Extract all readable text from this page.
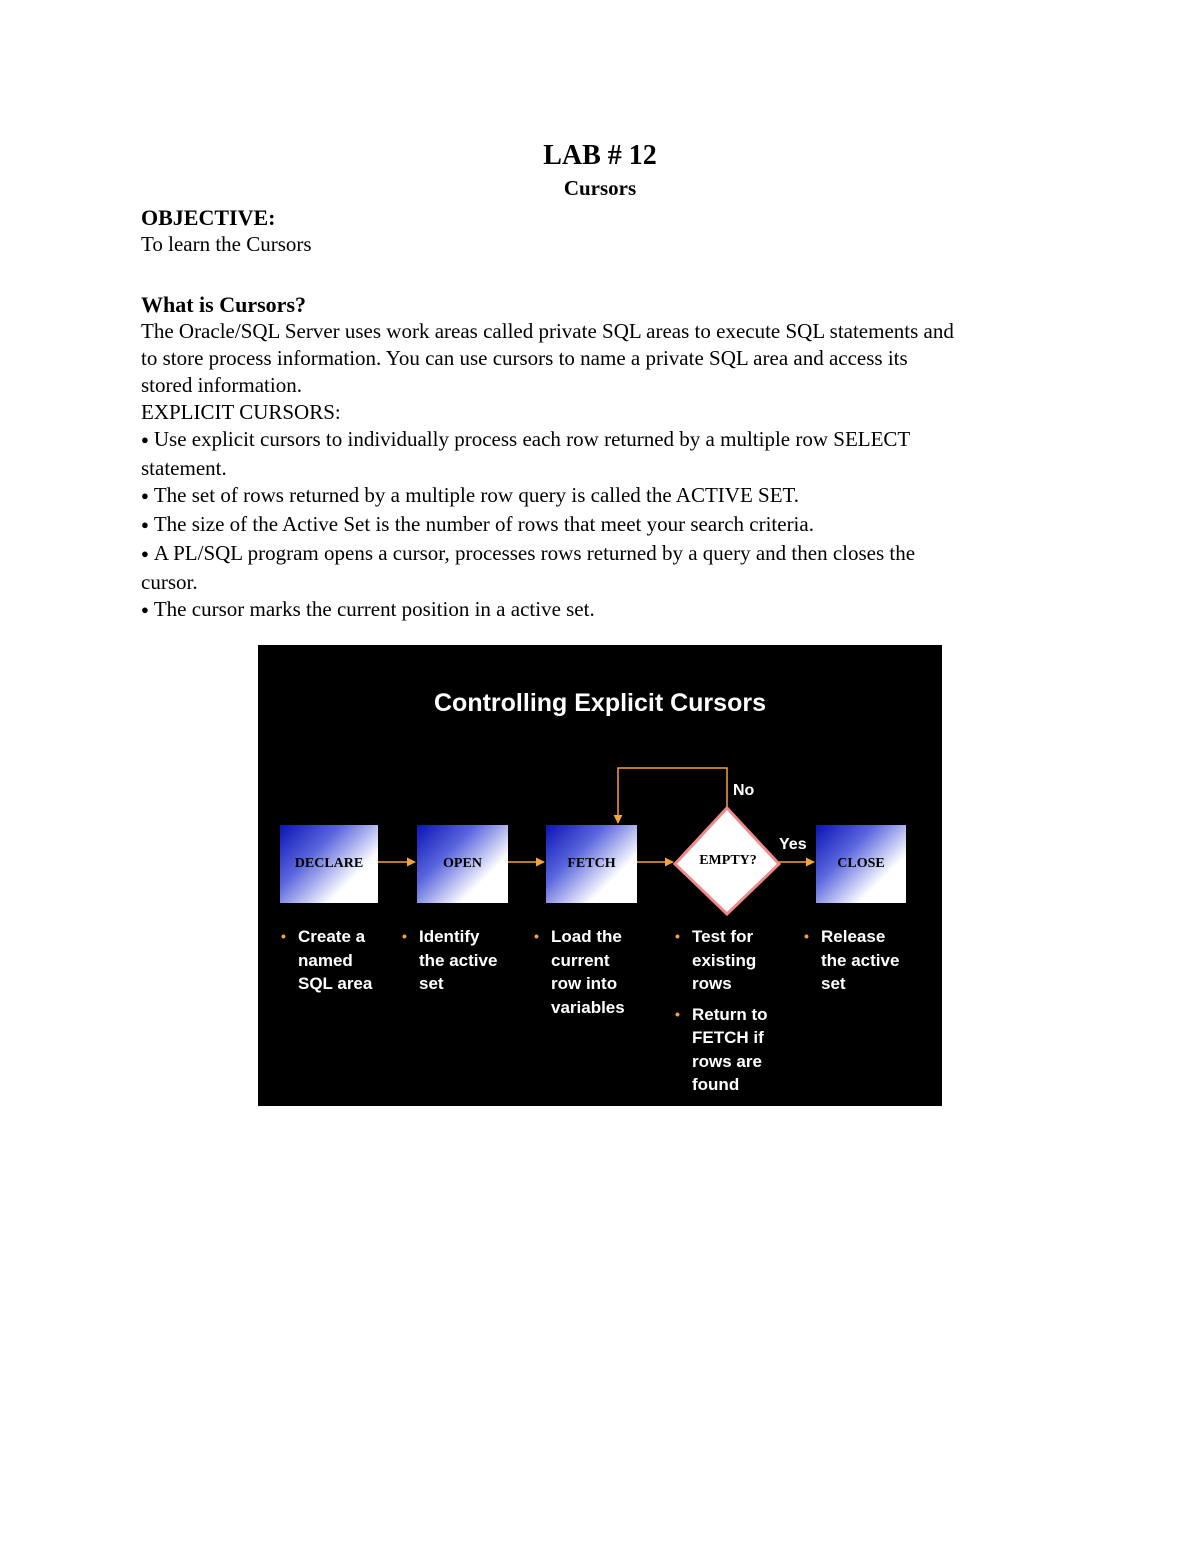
LAB # 12
Cursors
OBJECTIVE:
To learn the Cursors
What is Cursors?
The Oracle/SQL Server uses work areas called private SQL areas to execute SQL statements and
to store process information. You can use cursors to name a private SQL area and access its
stored information.
EXPLICIT CURSORS:
● Use explicit cursors to individually process each row returned by a multiple row SELECT
statement.
● The set of rows returned by a multiple row query is called the ACTIVE SET.
● The size of the Active Set is the number of rows that meet your search criteria.
● A PL/SQL program opens a cursor, processes rows returned by a query and then closes the
cursor.
● The cursor marks the current position in a active set.
Controlling Explicit Cursors
DECLARE	OPEN	FETCH	EMPTY?	CLOSE
No
Yes
• Create a
named
SQL area
• Identify
the active
set
• Load the
current
row into
variables
• Test for
existing
rows
• Return to
FETCH if
rows are
found
• Release
the active
set
